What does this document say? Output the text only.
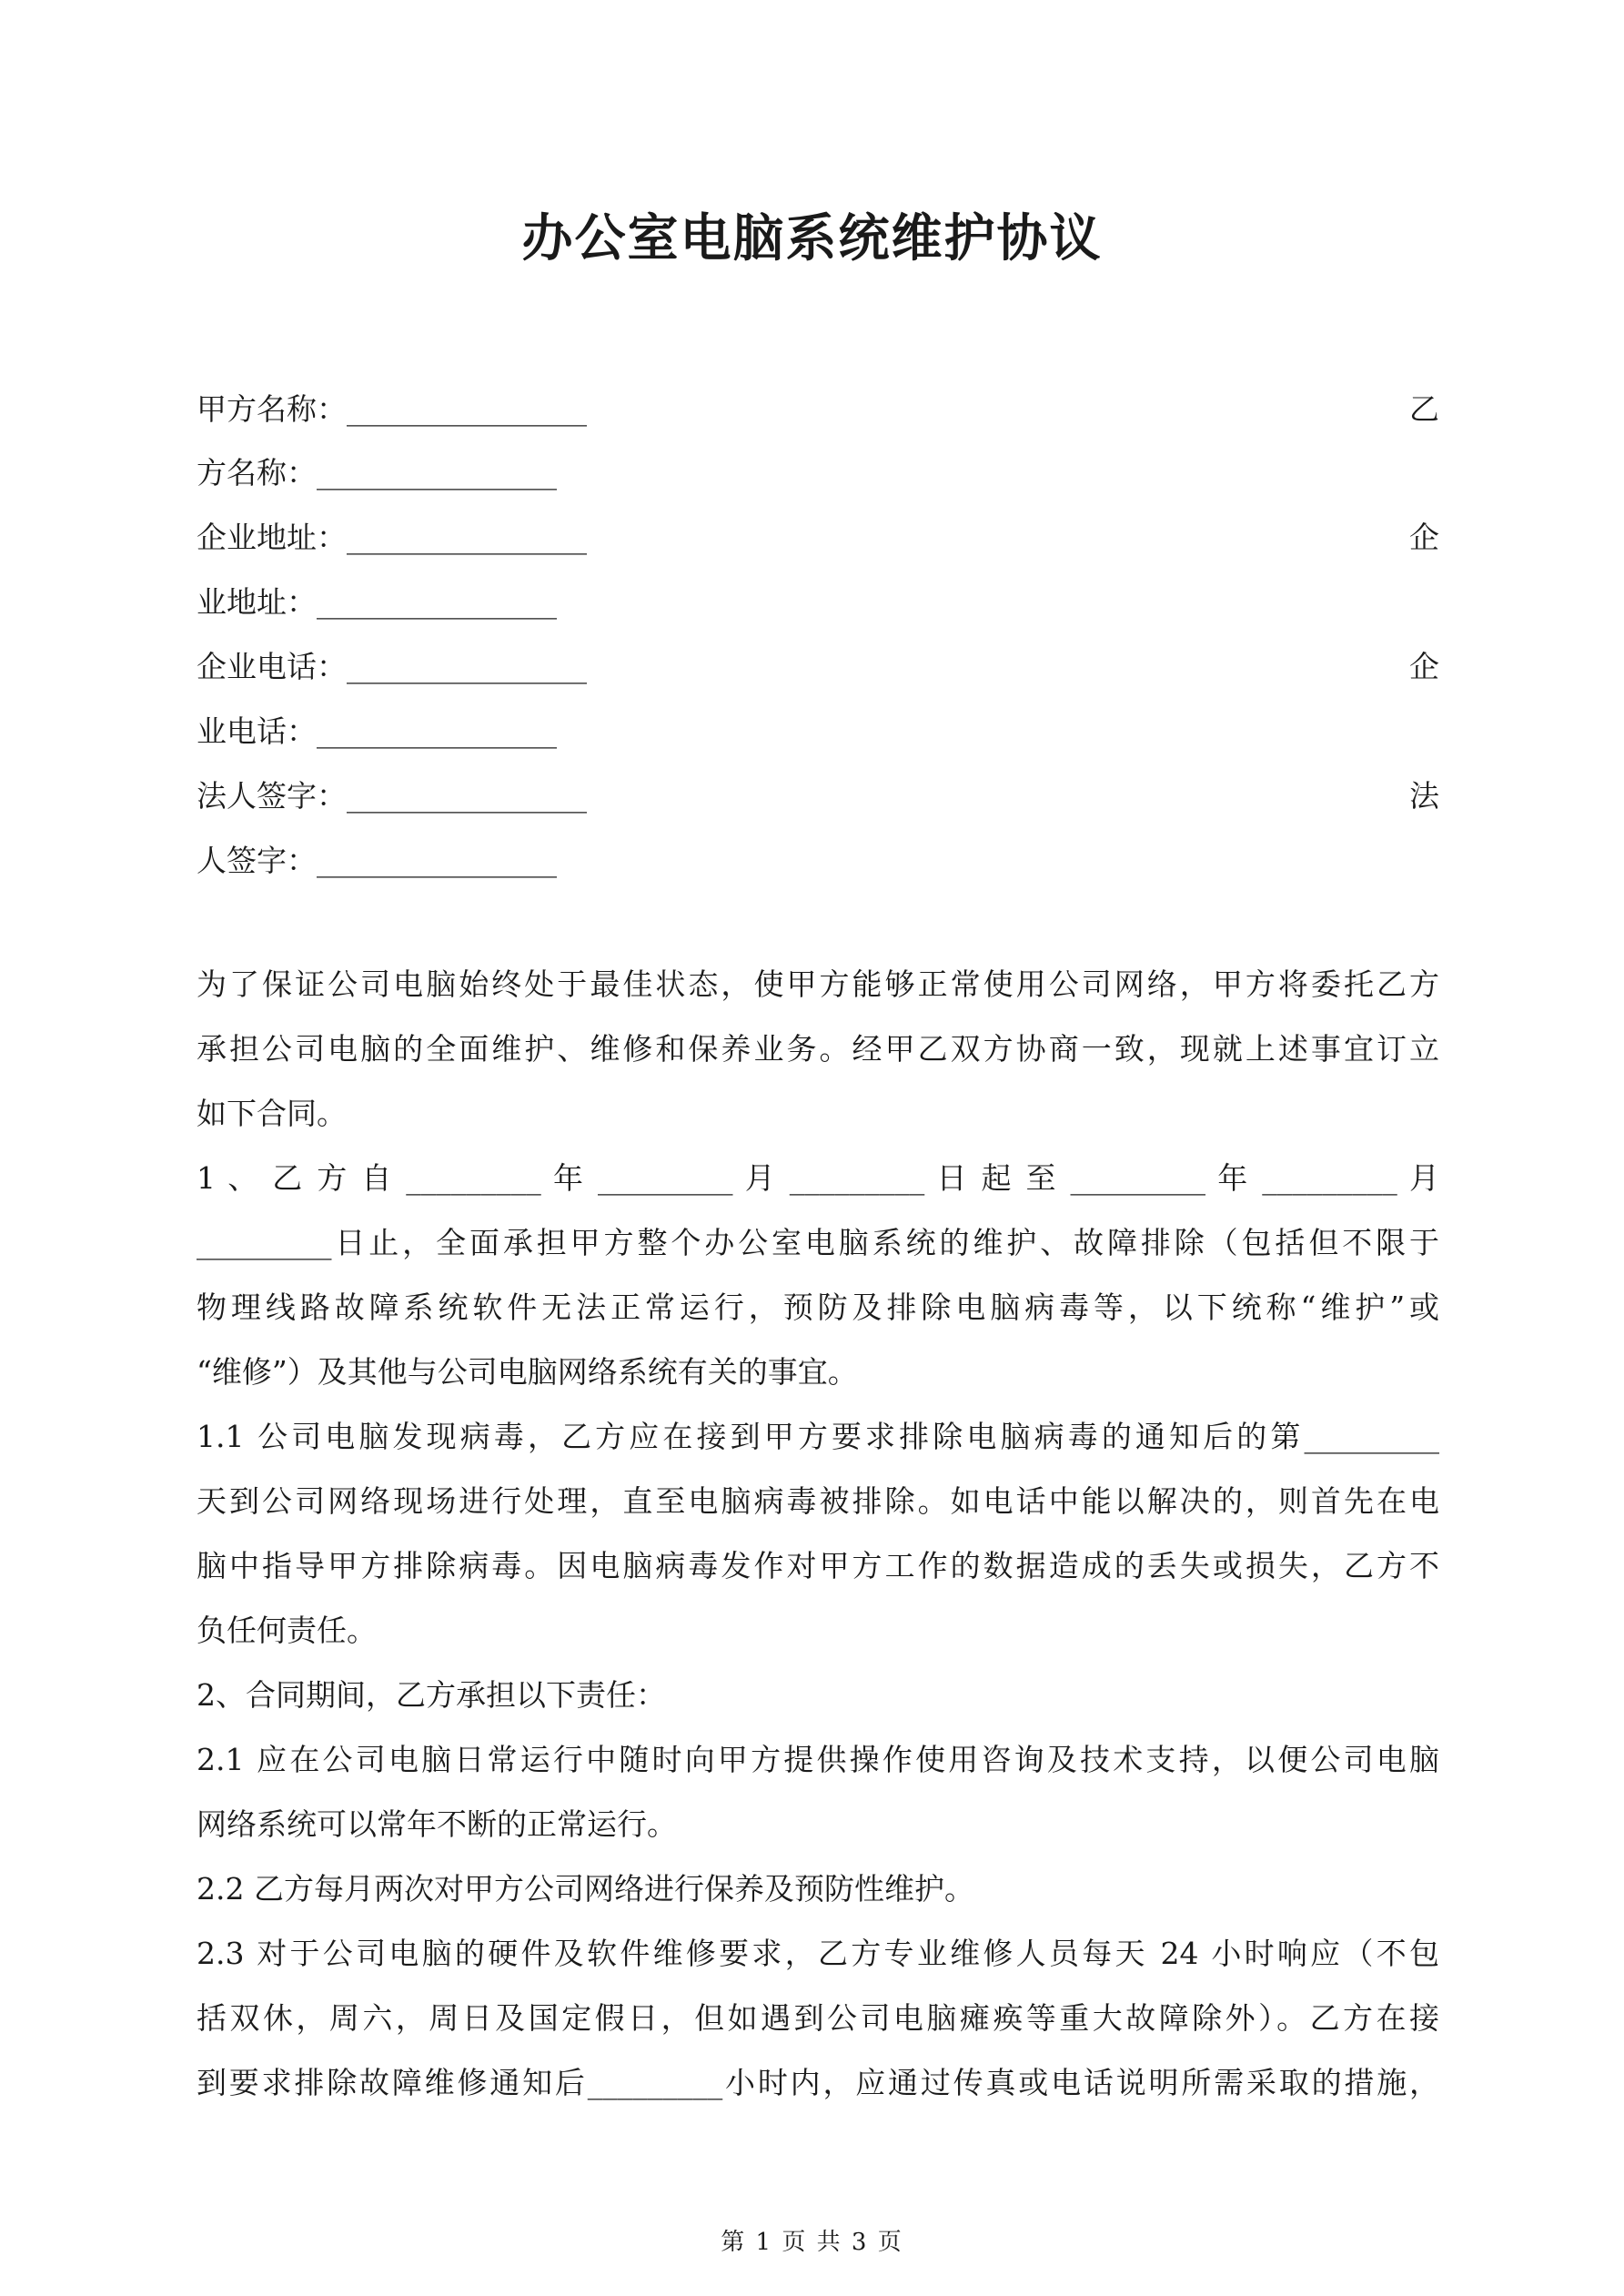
办公室电脑系统维护协议
甲方名称：________________	乙
方名称：________________
企业地址：________________	企
业地址：________________
企业电话：________________	企
业电话：________________
法人签字：________________	法
人签字：________________
为了保证公司电脑始终处于最佳状态，使甲方能够正常使用公司网络，甲方将委托乙方
承担公司电脑的全面维护、维修和保养业务。经甲乙双方协商一致，现就上述事宜订立
如下合同。
1 、 乙 方 自 _________ 年 _________ 月 _________ 日 起 至 _________ 年 _________ 月
_________日止，全面承担甲方整个办公室电脑系统的维护、故障排除（包括但不限于
物理线路故障系统软件无法正常运行，预防及排除电脑病毒等，以下统称“维护”或
“维修”）及其他与公司电脑网络系统有关的事宜。
1.1 公司电脑发现病毒，乙方应在接到甲方要求排除电脑病毒的通知后的第_________
天到公司网络现场进行处理，直至电脑病毒被排除。如电话中能以解决的，则首先在电
脑中指导甲方排除病毒。因电脑病毒发作对甲方工作的数据造成的丢失或损失，乙方不
负任何责任。
2、合同期间，乙方承担以下责任：
2.1 应在公司电脑日常运行中随时向甲方提供操作使用咨询及技术支持，以便公司电脑
网络系统可以常年不断的正常运行。
2.2 乙方每月两次对甲方公司网络进行保养及预防性维护。
2.3 对于公司电脑的硬件及软件维修要求，乙方专业维修人员每天 24 小时响应（不包
括双休，周六，周日及国定假日，但如遇到公司电脑瘫痪等重大故障除外）。乙方在接
到要求排除故障维修通知后_________小时内，应通过传真或电话说明所需采取的措施，
第 1 页 共 3 页
